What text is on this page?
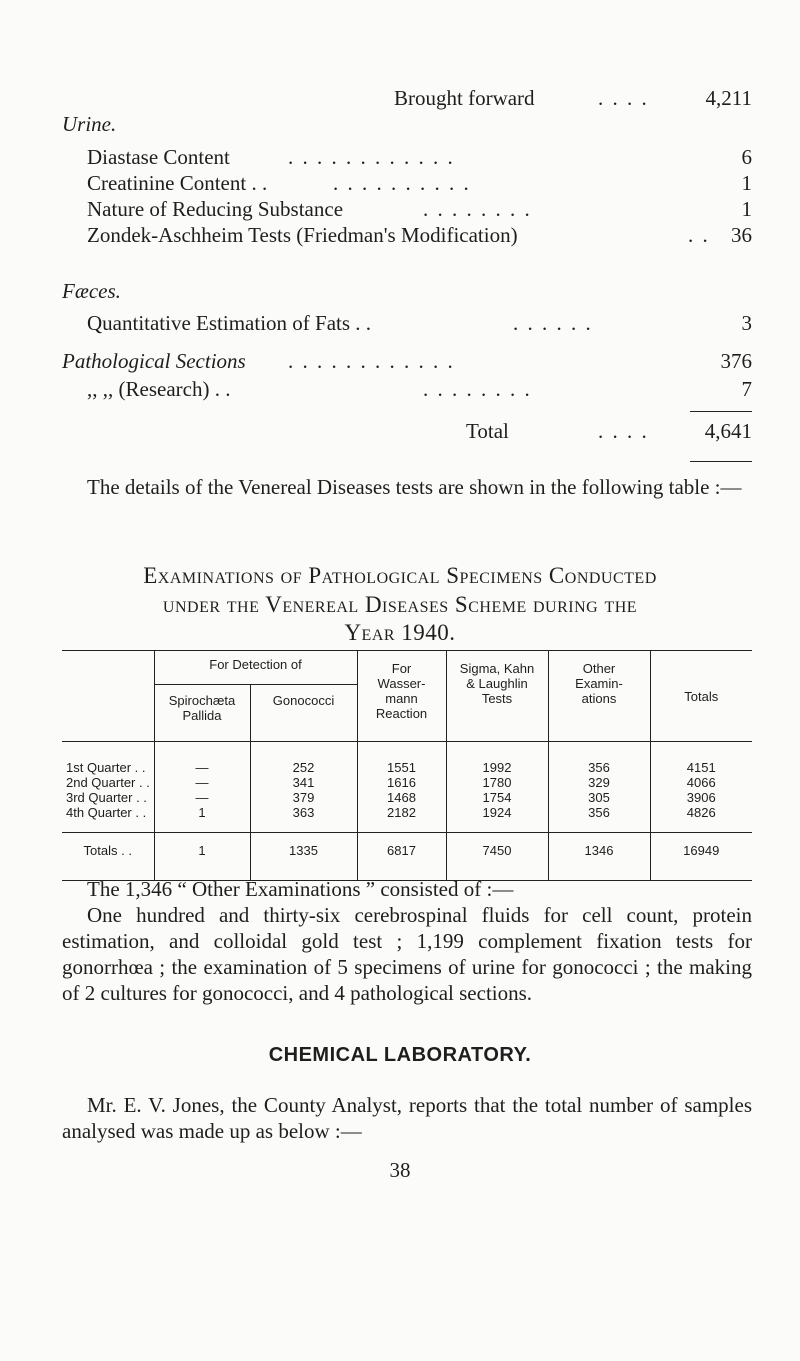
Brought forward	. . . .	4,211
Urine.
Diastase Content	. . . . . . . . . . . .	6
Creatinine Content . .	. . . . . . . . . .	1
Nature of Reducing Substance	. . . . . . . .	1
Zondek-Aschheim Tests (Friedman's Modification)	. .	36
Fæces.
Quantitative Estimation of Fats . .	. . . . . .	3
Pathological Sections . . . . . . . . . . . .	376
,, ,, (Research) . .	. . . . . . . .	7
Total	. . . .	4,641
The details of the Venereal Diseases tests are shown in the following table :—
Examinations of Pathological Specimens Conducted
under the Venereal Diseases Scheme during the
Year 1940.
	For Detection of		For Wasser- mann Reaction	Sigma, Kahn & Laughlin Tests	Other Examin- ations	Totals
	Spirochæta Pallida	Gonococci				
1st Quarter . .	—	252	1551	1992	356	4151
2nd Quarter . .	—	341	1616	1780	329	4066
3rd Quarter . .	—	379	1468	1754	305	3906
4th Quarter . .	1	363	2182	1924	356	4826
Totals . .	1	1335	6817	7450	1346	16949
The 1,346 “ Other Examinations ” consisted of :—
One hundred and thirty-six cerebrospinal fluids for cell count, protein estimation, and colloidal gold test ; 1,199 complement fixation tests for gonorrhœa ; the examination of 5 specimens of urine for gonococci ; the making of 2 cultures for gonococci, and 4 pathological sections.
CHEMICAL LABORATORY.
Mr. E. V. Jones, the County Analyst, reports that the total number of samples analysed was made up as below :—
38
